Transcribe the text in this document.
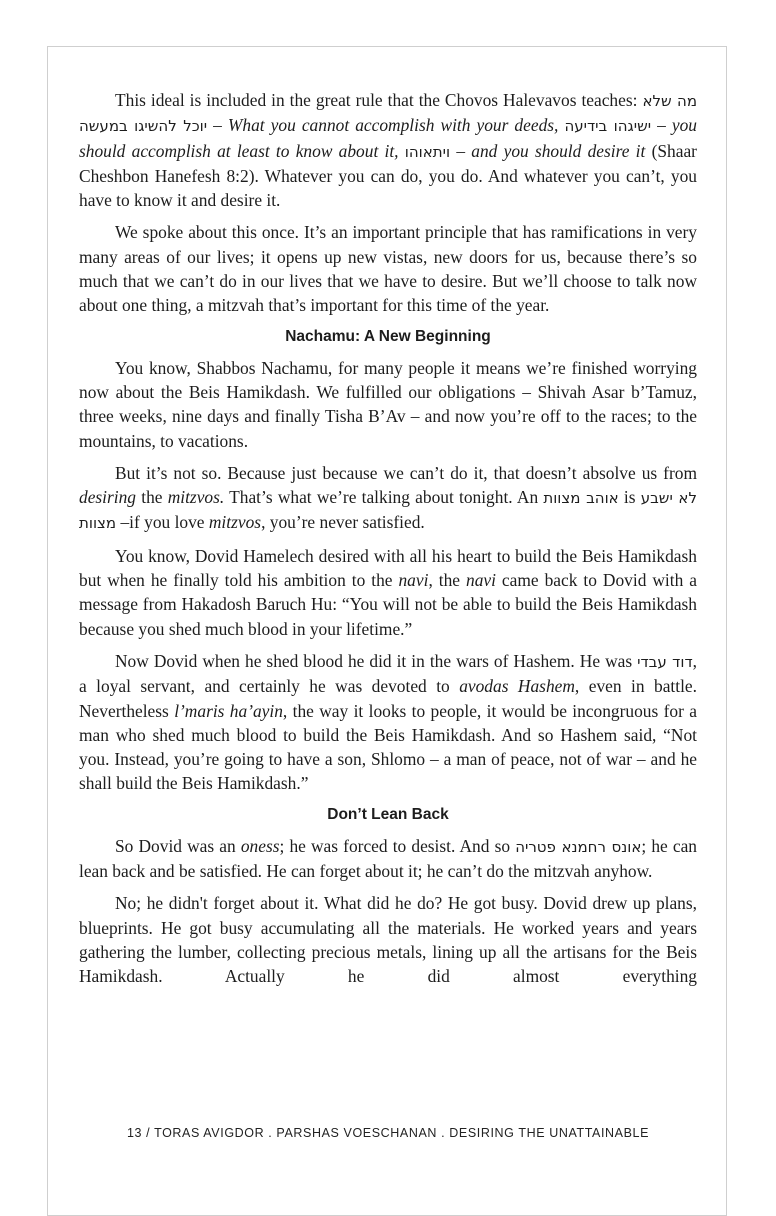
This ideal is included in the great rule that the Chovos Halevavos teaches: מה שלא יוכל להשיגו במעשה – What you cannot accomplish with your deeds, ישיגהו בידיעה – you should accomplish at least to know about it, ויתאוהו – and you should desire it (Shaar Cheshbon Hanefesh 8:2). Whatever you can do, you do. And whatever you can’t, you have to know it and desire it.

We spoke about this once. It’s an important principle that has ramifications in very many areas of our lives; it opens up new vistas, new doors for us, because there’s so much that we can’t do in our lives that we have to desire. But we’ll choose to talk now about one thing, a mitzvah that’s important for this time of the year.

Nachamu: A New Beginning

You know, Shabbos Nachamu, for many people it means we’re finished worrying now about the Beis Hamikdash. We fulfilled our obligations – Shivah Asar b’Tamuz, three weeks, nine days and finally Tisha B’Av – and now you’re off to the races; to the mountains, to vacations.

But it’s not so. Because just because we can’t do it, that doesn’t absolve us from desiring the mitzvos. That’s what we’re talking about tonight. An אוהב מצוות is לא ישבע מצוות –if you love mitzvos, you’re never satisfied.

You know, Dovid Hamelech desired with all his heart to build the Beis Hamikdash but when he finally told his ambition to the navi, the navi came back to Dovid with a message from Hakadosh Baruch Hu: “You will not be able to build the Beis Hamikdash because you shed much blood in your lifetime.”

Now Dovid when he shed blood he did it in the wars of Hashem. He was דוד עבדי, a loyal servant, and certainly he was devoted to avodas Hashem, even in battle. Nevertheless l’maris ha’ayin, the way it looks to people, it would be incongruous for a man who shed much blood to build the Beis Hamikdash. And so Hashem said, “Not you. Instead, you’re going to have a son, Shlomo – a man of peace, not of war – and he shall build the Beis Hamikdash.”

Don’t Lean Back

So Dovid was an oness; he was forced to desist. And so אונס רחמנא פטריה; he can lean back and be satisfied. He can forget about it; he can’t do the mitzvah anyhow.

No; he didn't forget about it. What did he do? He got busy. Dovid drew up plans, blueprints. He got busy accumulating all the materials. He worked years and years gathering the lumber, collecting precious metals, lining up all the artisans for the Beis Hamikdash. Actually he did almost everything

13 / TORAS AVIGDOR . PARSHAS VOESCHANAN . DESIRING THE UNATTAINABLE
